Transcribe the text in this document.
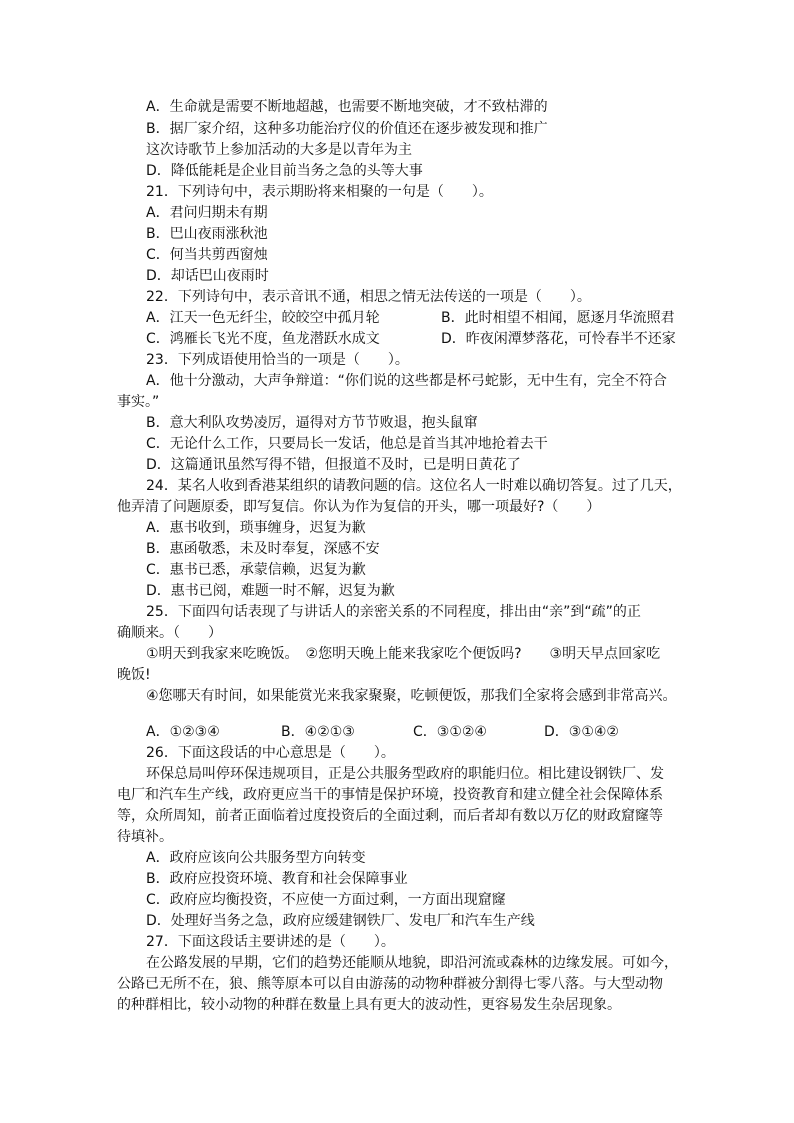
A．生命就是需要不断地超越，也需要不断地突破，才不致枯滞的
B．据厂家介绍，这种多功能治疗仪的价值还在逐步被发现和推广
这次诗歌节上参加活动的大多是以青年为主
D．降低能耗是企业目前当务之急的头等大事
21．下列诗句中，表示期盼将来相聚的一句是（　　）。
A．君问归期未有期
B．巴山夜雨涨秋池
C．何当共剪西窗烛
D．却话巴山夜雨时
22．下列诗句中，表示音讯不通，相思之情无法传送的一项是（　　）。
A．江天一色无纤尘，皎皎空中孤月轮	B．此时相望不相闻，愿逐月华流照君
C．鸿雁长飞光不度，鱼龙潜跃水成文	D．昨夜闲潭梦落花，可怜春半不还家
23．下列成语使用恰当的一项是（　　）。
A．他十分激动，大声争辩道：“你们说的这些都是杯弓蛇影，无中生有，完全不符合
事实。”
B．意大利队攻势凌厉，逼得对方节节败退，抱头鼠窜
C．无论什么工作，只要局长一发话，他总是首当其冲地抢着去干
D．这篇通讯虽然写得不错，但报道不及时，已是明日黄花了
24．某名人收到香港某组织的请教问题的信。这位名人一时难以确切答复。过了几天，
他弄清了问题原委，即写复信。你认为作为复信的开头，哪一项最好?（　　）
A．惠书收到，琐事缠身，迟复为歉
B．惠函敬悉，未及时奉复，深感不安
C．惠书已悉，承蒙信赖，迟复为歉
D．惠书已阅，难题一时不解，迟复为歉
25．下面四句话表现了与讲话人的亲密关系的不同程度，排出由“亲”到“疏”的正
确顺来。（　　）
①明天到我家来吃晚饭。　②您明天晚上能来我家吃个便饭吗?　　③明天早点回家吃
晚饭!
④您哪天有时间，如果能赏光来我家聚聚，吃顿便饭，那我们全家将会感到非常高兴。
A．①②③④	B．④②①③	C．③①②④	D．③①④②
26．下面这段话的中心意思是（　　）。
环保总局叫停环保违规项目，正是公共服务型政府的职能归位。相比建设钢铁厂、发
电厂和汽车生产线，政府更应当干的事情是保护环境，投资教育和建立健全社会保障体系
等，众所周知，前者正面临着过度投资后的全面过剩，而后者却有数以万亿的财政窟窿等
待填补。
A．政府应该向公共服务型方向转变
B．政府应投资环境、教育和社会保障事业
C．政府应均衡投资，不应使一方面过剩，一方面出现窟窿
D．处理好当务之急，政府应缓建钢铁厂、发电厂和汽车生产线
27．下面这段话主要讲述的是（　　）。
在公路发展的早期，它们的趋势还能顺从地貌，即沿河流或森林的边缘发展。可如今，
公路已无所不在，狼、熊等原本可以自由游荡的动物种群被分割得七零八落。与大型动物
的种群相比，较小动物的种群在数量上具有更大的波动性，更容易发生杂居现象。
